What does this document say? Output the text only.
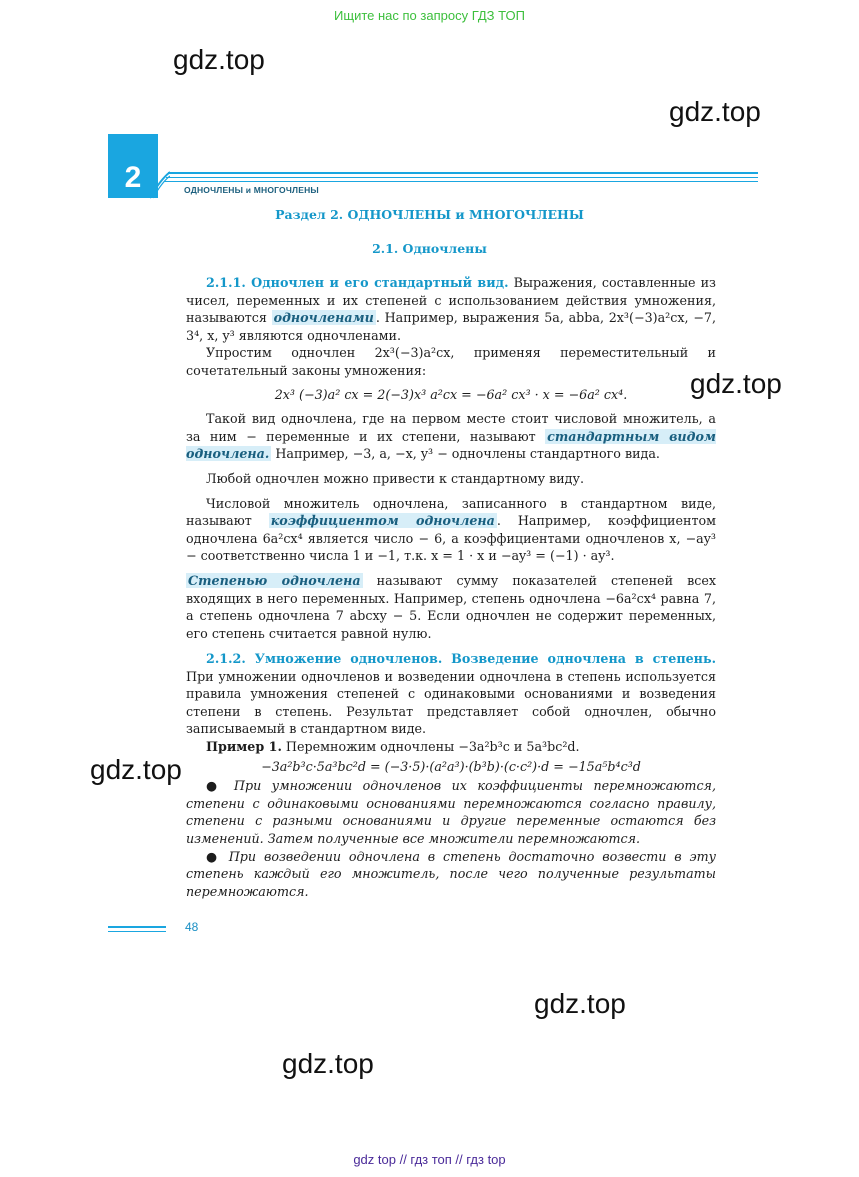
Ищите нас по запросу ГДЗ ТОП
gdz.top
gdz.top
gdz.top
gdz.top
gdz.top
gdz.top
2	ОДНОЧЛЕНЫ и МНОГОЧЛЕНЫ
Раздел 2. ОДНОЧЛЕНЫ и МНОГОЧЛЕНЫ
2.1. Одночлены

2.1.1. Одночлен и его стандартный вид. Выражения, составленные из чисел, переменных и их степеней с использованием действия умножения, называются одночленами . Например, выражения 5a, abba, 2x³(−3)a²cx, −7, 3⁴, x, y³ являются одночленами.

Упростим одночлен 2x³(−3)a²cx, применяя переместительный и сочетательный законы умножения:

2x³ (−3)a² cx = 2(−3)x³ a²cx = −6a² cx³ · x = −6a² cx⁴.

Такой вид одночлена, где на первом месте стоит числовой множитель, а за ним − переменные и их степени, называют стандартным видом одночлена. Например, −3, a, −x, y³ − одночлены стандартного вида.

Любой одночлен можно привести к стандартному виду.

Числовой множитель одночлена, записанного в стандартном виде, называют коэффициентом одночлена . Например, коэффициентом одночлена 6a²cx⁴ является число − 6, а коэффициентами одночленов x, −ay³ − соответственно числа 1 и −1, т.к. x = 1 · x и −ay³ = (−1) · ay³.

Степенью одночлена называют сумму показателей степеней всех входящих в него переменных. Например, степень одночлена −6a²cx⁴ равна 7, а степень одночлена 7 abcxy − 5. Если одночлен не содержит переменных, его степень считается равной нулю.

2.1.2. Умножение одночленов. Возведение одночлена в степень. При умножении одночленов и возведении одночлена в степень используется правила умножения степеней с одинаковыми основаниями и возведения степени в степень. Результат представляет собой одночлен, обычно записываемый в стандартном виде.

Пример 1. Перемножим одночлены −3a²b³c и 5a³bc²d.

−3a²b³c·5a³bc²d = (−3·5)·(a²a³)·(b³b)·(c·c²)·d = −15a⁵b⁴c³d

● При умножении одночленов их коэффициенты перемножаются, степени с одинаковыми основаниями перемножаются согласно правилу, степени с разными основаниями и другие переменные остаются без изменений. Затем полученные все множители перемножаются.

● При возведении одночлена в степень достаточно возвести в эту степень каждый его множитель, после чего полученные результаты перемножаются.

48
gdz top // гдз топ // гдз top
